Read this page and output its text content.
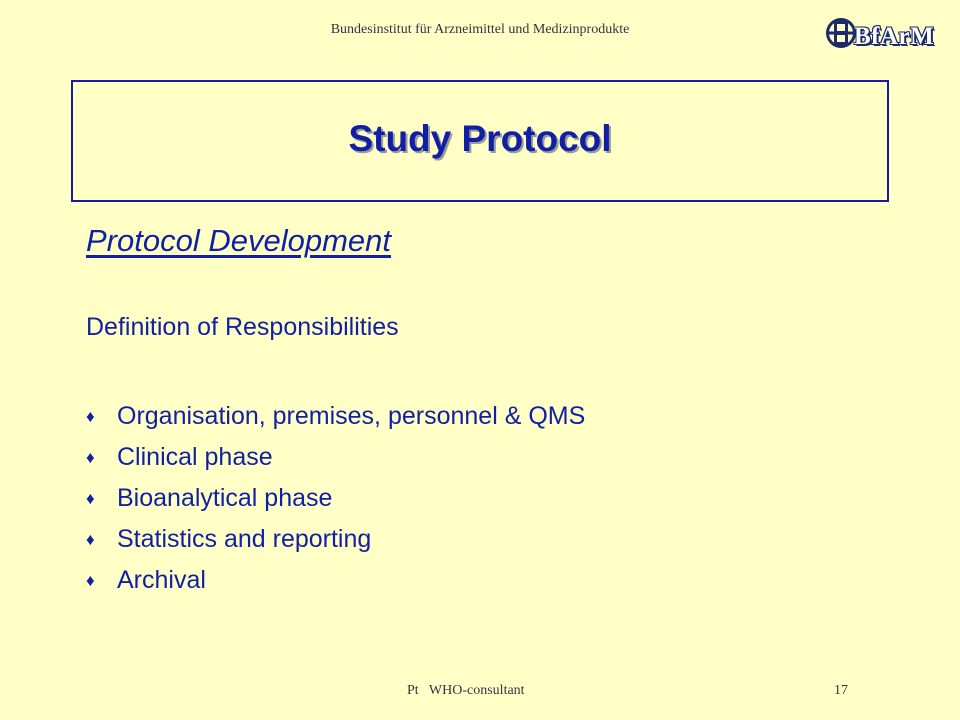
Bundesinstitut für Arzneimittel und Medizinprodukte	BfArM
Study Protocol
Protocol Development
Definition of Responsibilities
♦ Organisation, premises, personnel & QMS
♦ Clinical phase
♦ Bioanalytical phase
♦ Statistics and reporting
♦ Archival
Pt   WHO-consultant	17
